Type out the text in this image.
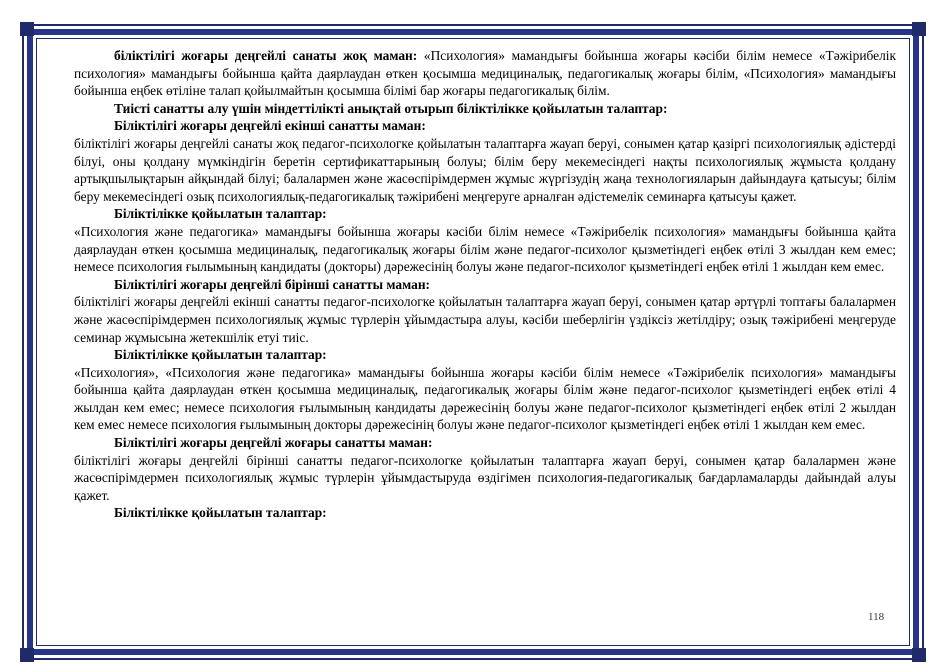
біліктілігі жоғары деңгейлі санаты жоқ маман: «Психология» мамандығы бойынша жоғары кәсіби білім немесе «Тәжірибелік психология» мамандығы бойынша қайта даярлаудан өткен қосымша медициналық, педагогикалық жоғары білім, «Психология» мамандығы бойынша еңбек өтіліне талап қойылмайтын қосымша білімі бар жоғары педагогикалық білім.

Тиісті санатты алу үшін міндеттілікті анықтай отырып біліктілікке қойылатын талаптар:

Біліктілігі жоғары деңгейлі екінші санатты маман:

біліктілігі жоғары деңгейлі санаты жоқ педагог-психологке қойылатын талаптарға жауап беруі, сонымен қатар қазіргі психологиялық әдістерді білуі, оны қолдану мүмкіндігін беретін сертификаттарының болуы; білім беру мекемесіндегі нақты психологиялық жұмыста қолдану артықшылықтарын айқындай білуі; балалармен және жасөспірімдермен жұмыс жүргізудің жаңа технологияларын дайындауға қатысуы; білім беру мекемесіндегі озық психологиялық-педагогикалық тәжірибені меңгеруге арналған әдістемелік семинарға қатысуы қажет.

Біліктілікке қойылатын талаптар:

«Психология және педагогика» мамандығы бойынша жоғары кәсіби білім немесе «Тәжірибелік психология» мамандығы бойынша қайта даярлаудан өткен қосымша медициналық, педагогикалық жоғары білім және педагог-психолог қызметіндегі еңбек өтілі 3 жылдан кем емес; немесе психология ғылымының кандидаты (докторы) дәрежесінің болуы және педагог-психолог қызметіндегі еңбек өтілі 1 жылдан кем емес.

Біліктілігі жоғары деңгейлі бірінші санатты маман:

біліктілігі жоғары деңгейлі екінші санатты педагог-психологке қойылатын талаптарға жауап беруі, сонымен қатар әртүрлі топтағы балалармен және жасөспірімдермен психологиялық жұмыс түрлерін ұйымдастыра алуы, кәсіби шеберлігін үздіксіз жетілдіру; озық тәжірибені меңгеруде семинар жұмысына жетекшілік етуі тиіс.

Біліктілікке қойылатын талаптар:

«Психология», «Психология және педагогика» мамандығы бойынша жоғары кәсіби білім немесе «Тәжірибелік психология» мамандығы бойынша қайта даярлаудан өткен қосымша медициналық, педагогикалық жоғары білім және педагог-психолог қызметіндегі еңбек өтілі 4 жылдан кем емес; немесе психология ғылымының кандидаты дәрежесінің болуы және педагог-психолог қызметіндегі еңбек өтілі 2 жылдан кем емес немесе психология ғылымының докторы дәрежесінің болуы және педагог-психолог қызметіндегі еңбек өтілі 1 жылдан кем емес.

Біліктілігі жоғары деңгейлі жоғары санатты маман:

біліктілігі жоғары деңгейлі бірінші санатты педагог-психологке қойылатын талаптарға жауап беруі, сонымен қатар балалармен және жасөспірімдермен психологиялық жұмыс түрлерін ұйымдастыруда өздігімен психология-педагогикалық бағдарламаларды дайындай алуы қажет.

Біліктілікке қойылатын талаптар:

118
